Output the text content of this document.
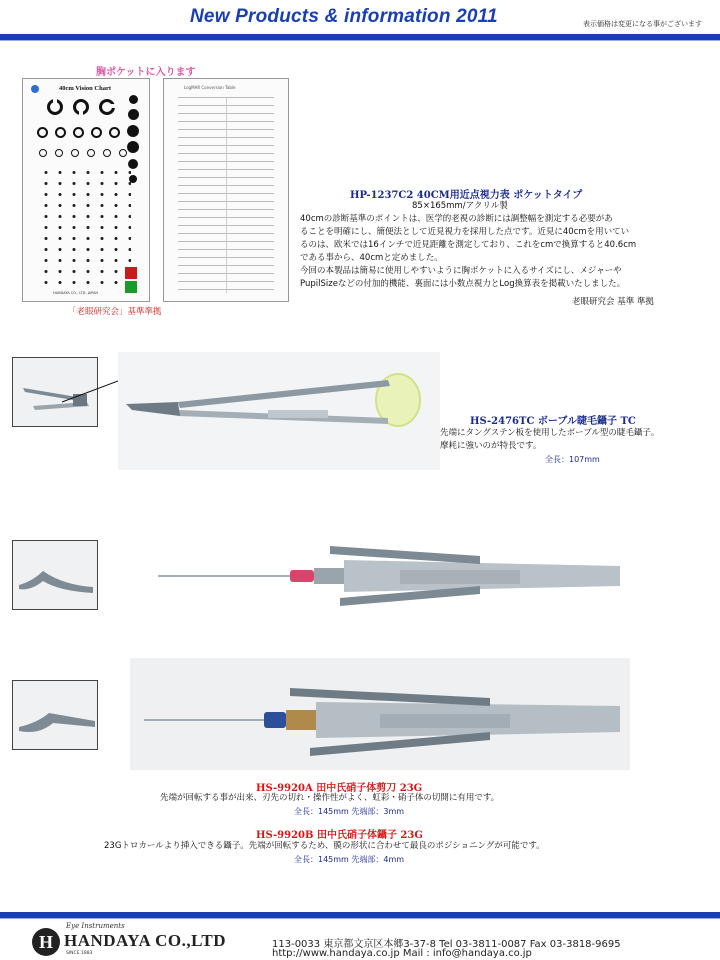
New Products & information 2011	表示価格は変更になる事がございます
胸ポケットに入ります
40cm Vision Chart
HANDAYA CO., LTD. JAPAN
LogMAR Conversion Table
「老眼研究会」基準準拠
HP-1237C2 40CM用近点視力表 ポケットタイプ
85×165mm/アクリル製
40cmの診断基準のポイントは、医学的老視の診断には調整幅を測定する必要があ
ることを明確にし、簡便法として近見視力を採用した点です。近見に40cmを用いてい
るのは、欧米では16インチで近見距離を測定しており、これをcmで換算すると40.6cm
である事から、40cmと定めました。
今回の本製品は簡易に使用しやすいように胸ポケットに入るサイズにし、メジャーや
PupilSizeなどの付加的機能、裏面には小数点視力とLog換算表を掲載いたしました。
老眼研究会 基準 準拠
HS-2476TC ボーブル睫毛鑷子 TC
先端にタングステン板を使用したボーブル型の睫毛鑷子。
摩耗に強いのが特長です。
全長：107mm
HS-9920A 田中氏硝子体剪刀 23G
先端が回転する事が出来、刃先の切れ・操作性がよく、虹彩・硝子体の切開に有用です。
全長：145mm 先端部：3mm
HS-9920B 田中氏硝子体鑷子 23G
23Gトロカールより挿入できる鑷子。先端が回転するため、膜の形状に合わせて最良のポジショニングが可能です。
全長：145mm 先端部：4mm
Eye Instruments
H HANDAYA CO.,LTD
SINCE 1883
113-0033 東京都文京区本郷3-37-8 Tel 03-3811-0087 Fax 03-3818-9695
http://www.handaya.co.jp Mail : info@handaya.co.jp
